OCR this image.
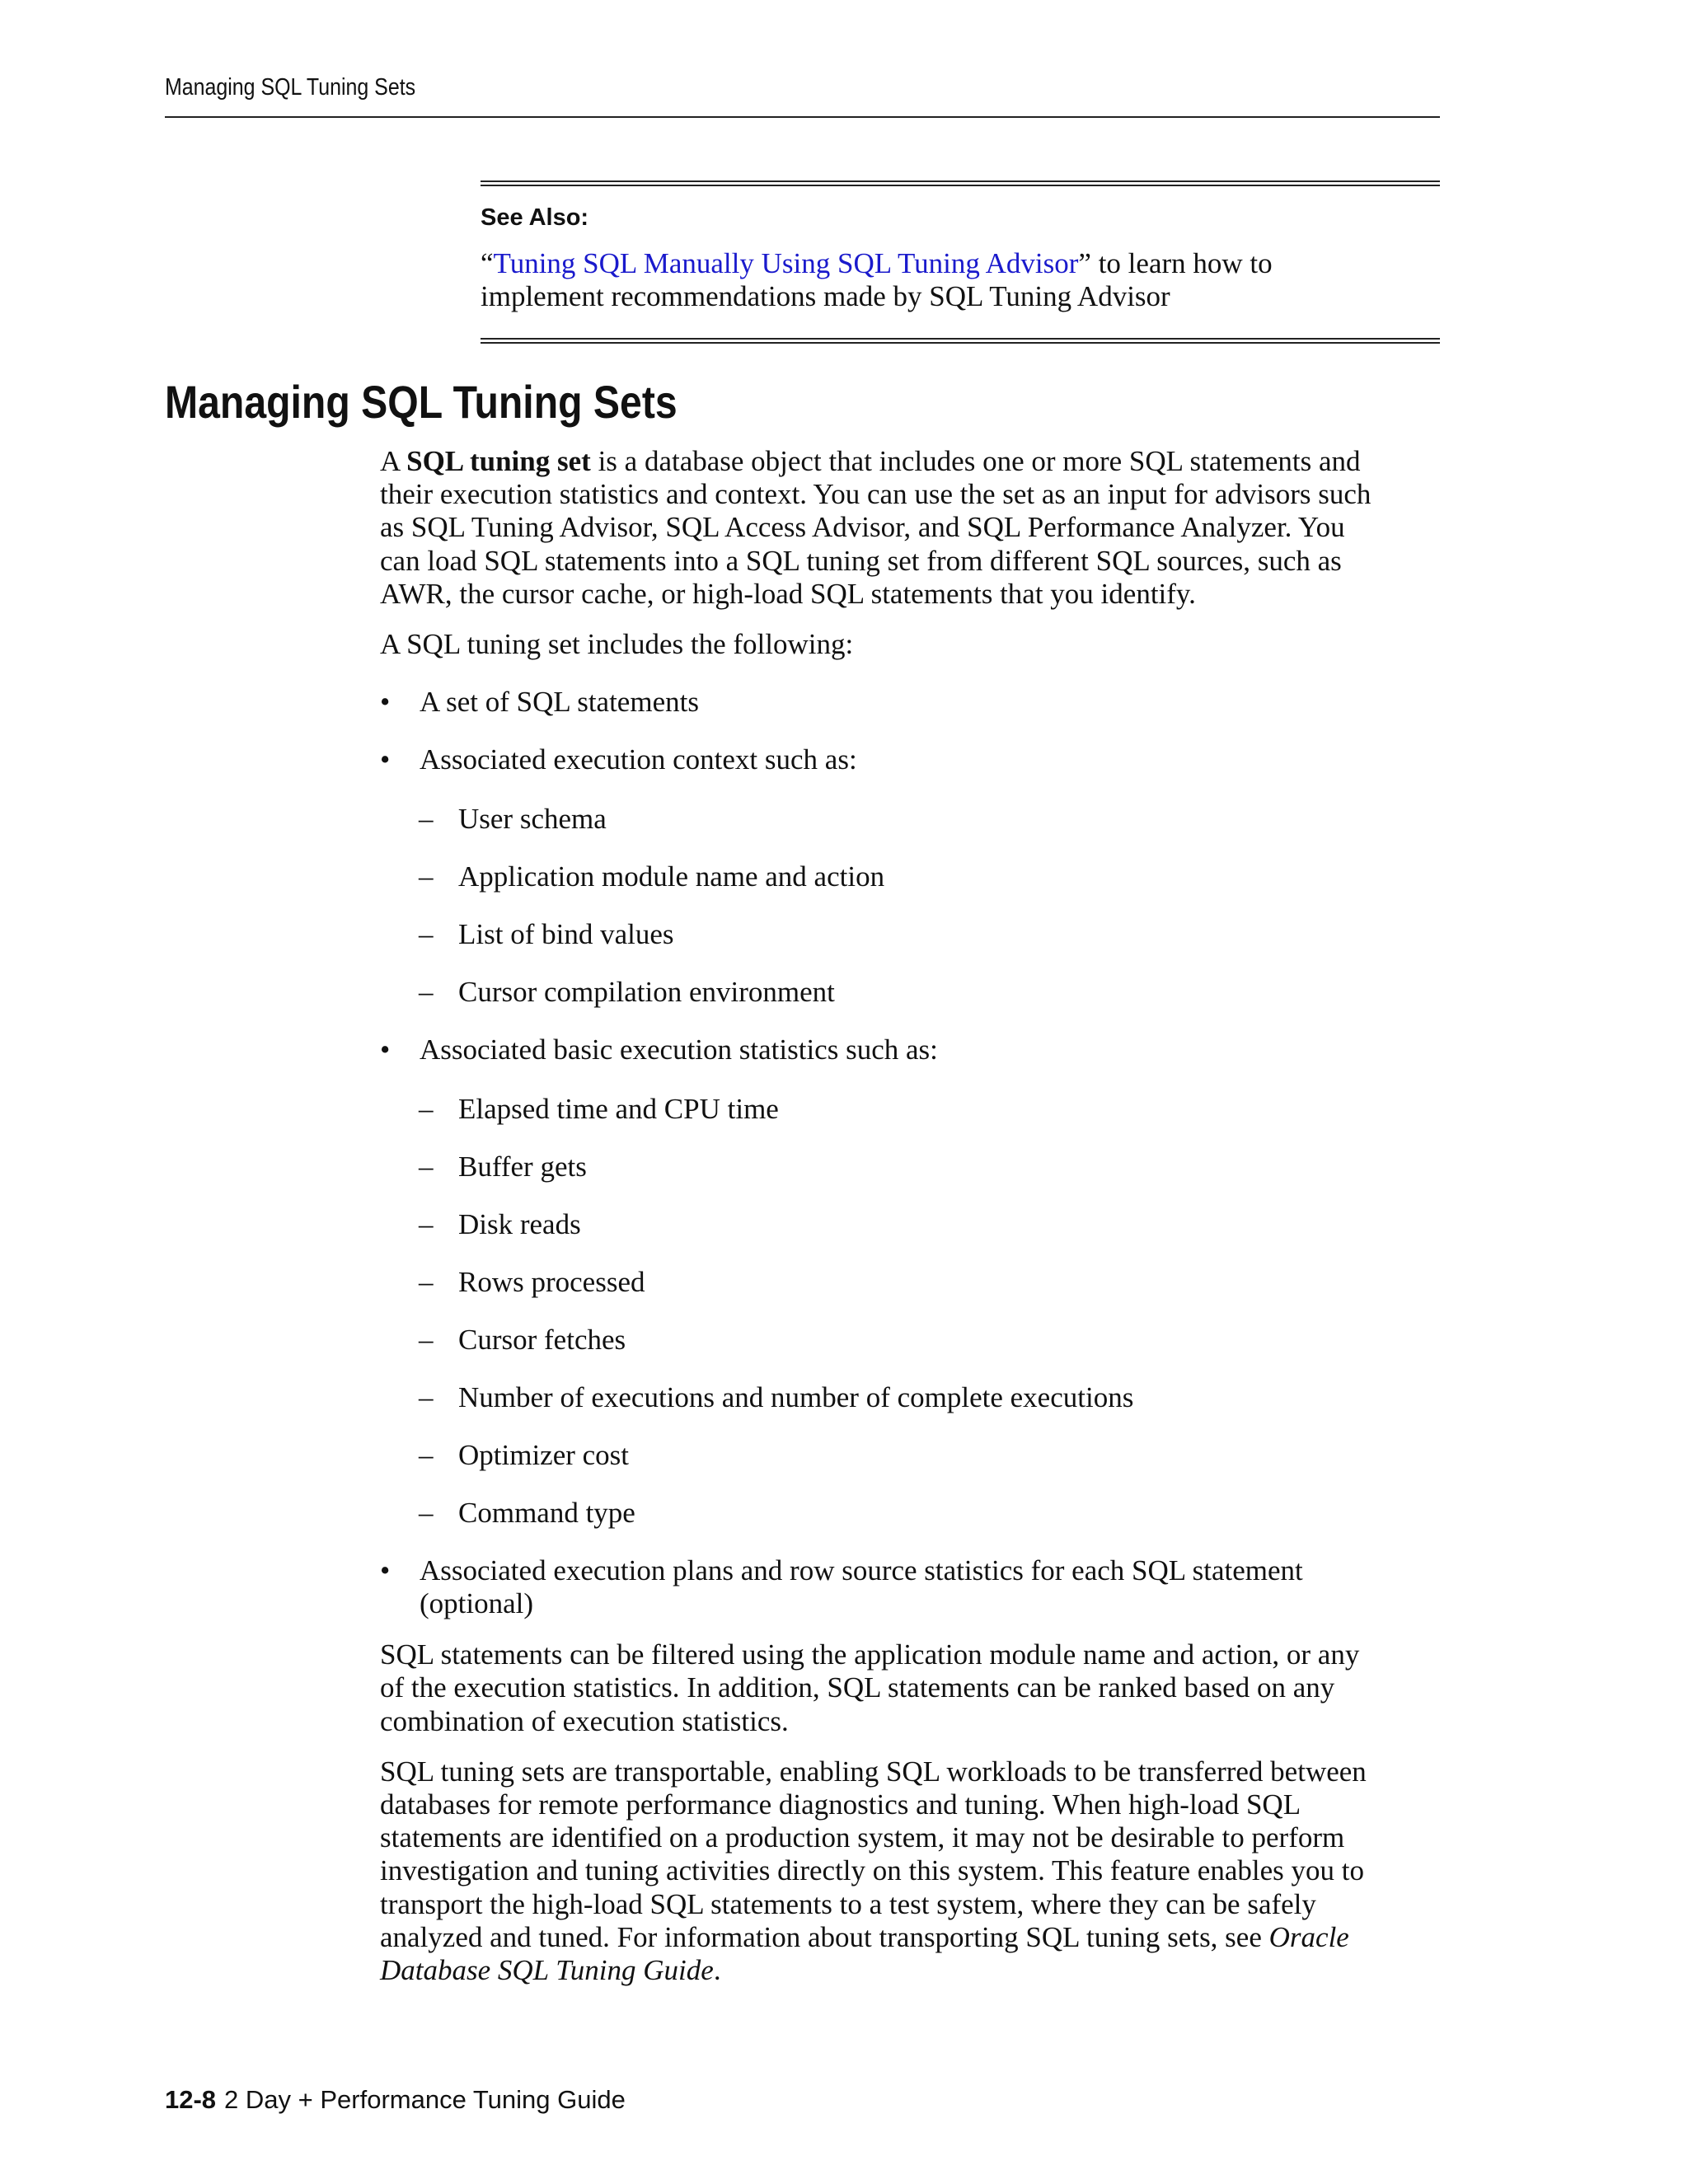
Managing SQL Tuning Sets
See Also:
“Tuning SQL Manually Using SQL Tuning Advisor” to learn how to
implement recommendations made by SQL Tuning Advisor
Managing SQL Tuning Sets

A SQL tuning set is a database object that includes one or more SQL statements and
their execution statistics and context. You can use the set as an input for advisors such
as SQL Tuning Advisor, SQL Access Advisor, and SQL Performance Analyzer. You
can load SQL statements into a SQL tuning set from different SQL sources, such as
AWR, the cursor cache, or high-load SQL statements that you identify.

A SQL tuning set includes the following:

• A set of SQL statements
• Associated execution context such as:
– User schema
– Application module name and action
– List of bind values
– Cursor compilation environment
• Associated basic execution statistics such as:
– Elapsed time and CPU time
– Buffer gets
– Disk reads
– Rows processed
– Cursor fetches
– Number of executions and number of complete executions
– Optimizer cost
– Command type
• Associated execution plans and row source statistics for each SQL statement
(optional)

SQL statements can be filtered using the application module name and action, or any
of the execution statistics. In addition, SQL statements can be ranked based on any
combination of execution statistics.

SQL tuning sets are transportable, enabling SQL workloads to be transferred between
databases for remote performance diagnostics and tuning. When high-load SQL
statements are identified on a production system, it may not be desirable to perform
investigation and tuning activities directly on this system. This feature enables you to
transport the high-load SQL statements to a test system, where they can be safely
analyzed and tuned. For information about transporting SQL tuning sets, see Oracle
Database SQL Tuning Guide.

12-8 2 Day + Performance Tuning Guide
